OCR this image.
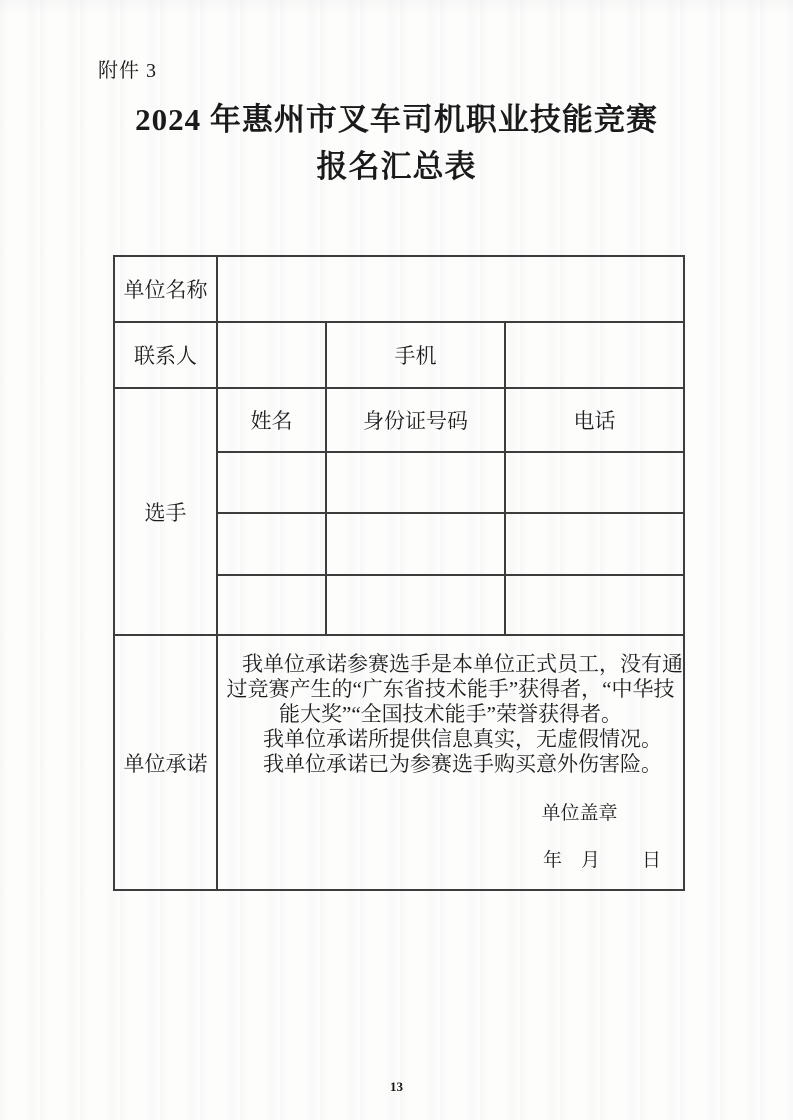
附件 3
2024 年惠州市叉车司机职业技能竞赛
报名汇总表
单位名称			
联系人		手机	
选手	姓名	身份证号码	电话

单位承诺	我单位承诺参赛选手是本单位正式员工，没有通过竞赛产生的“广东省技术能手”获得者，“中华技能大奖”“全国技术能手”荣誉获得者。

我单位承诺所提供信息真实，无虚假情况。

我单位承诺已为参赛选手购买意外伤害险。

单位盖章
年 月 日		
13
